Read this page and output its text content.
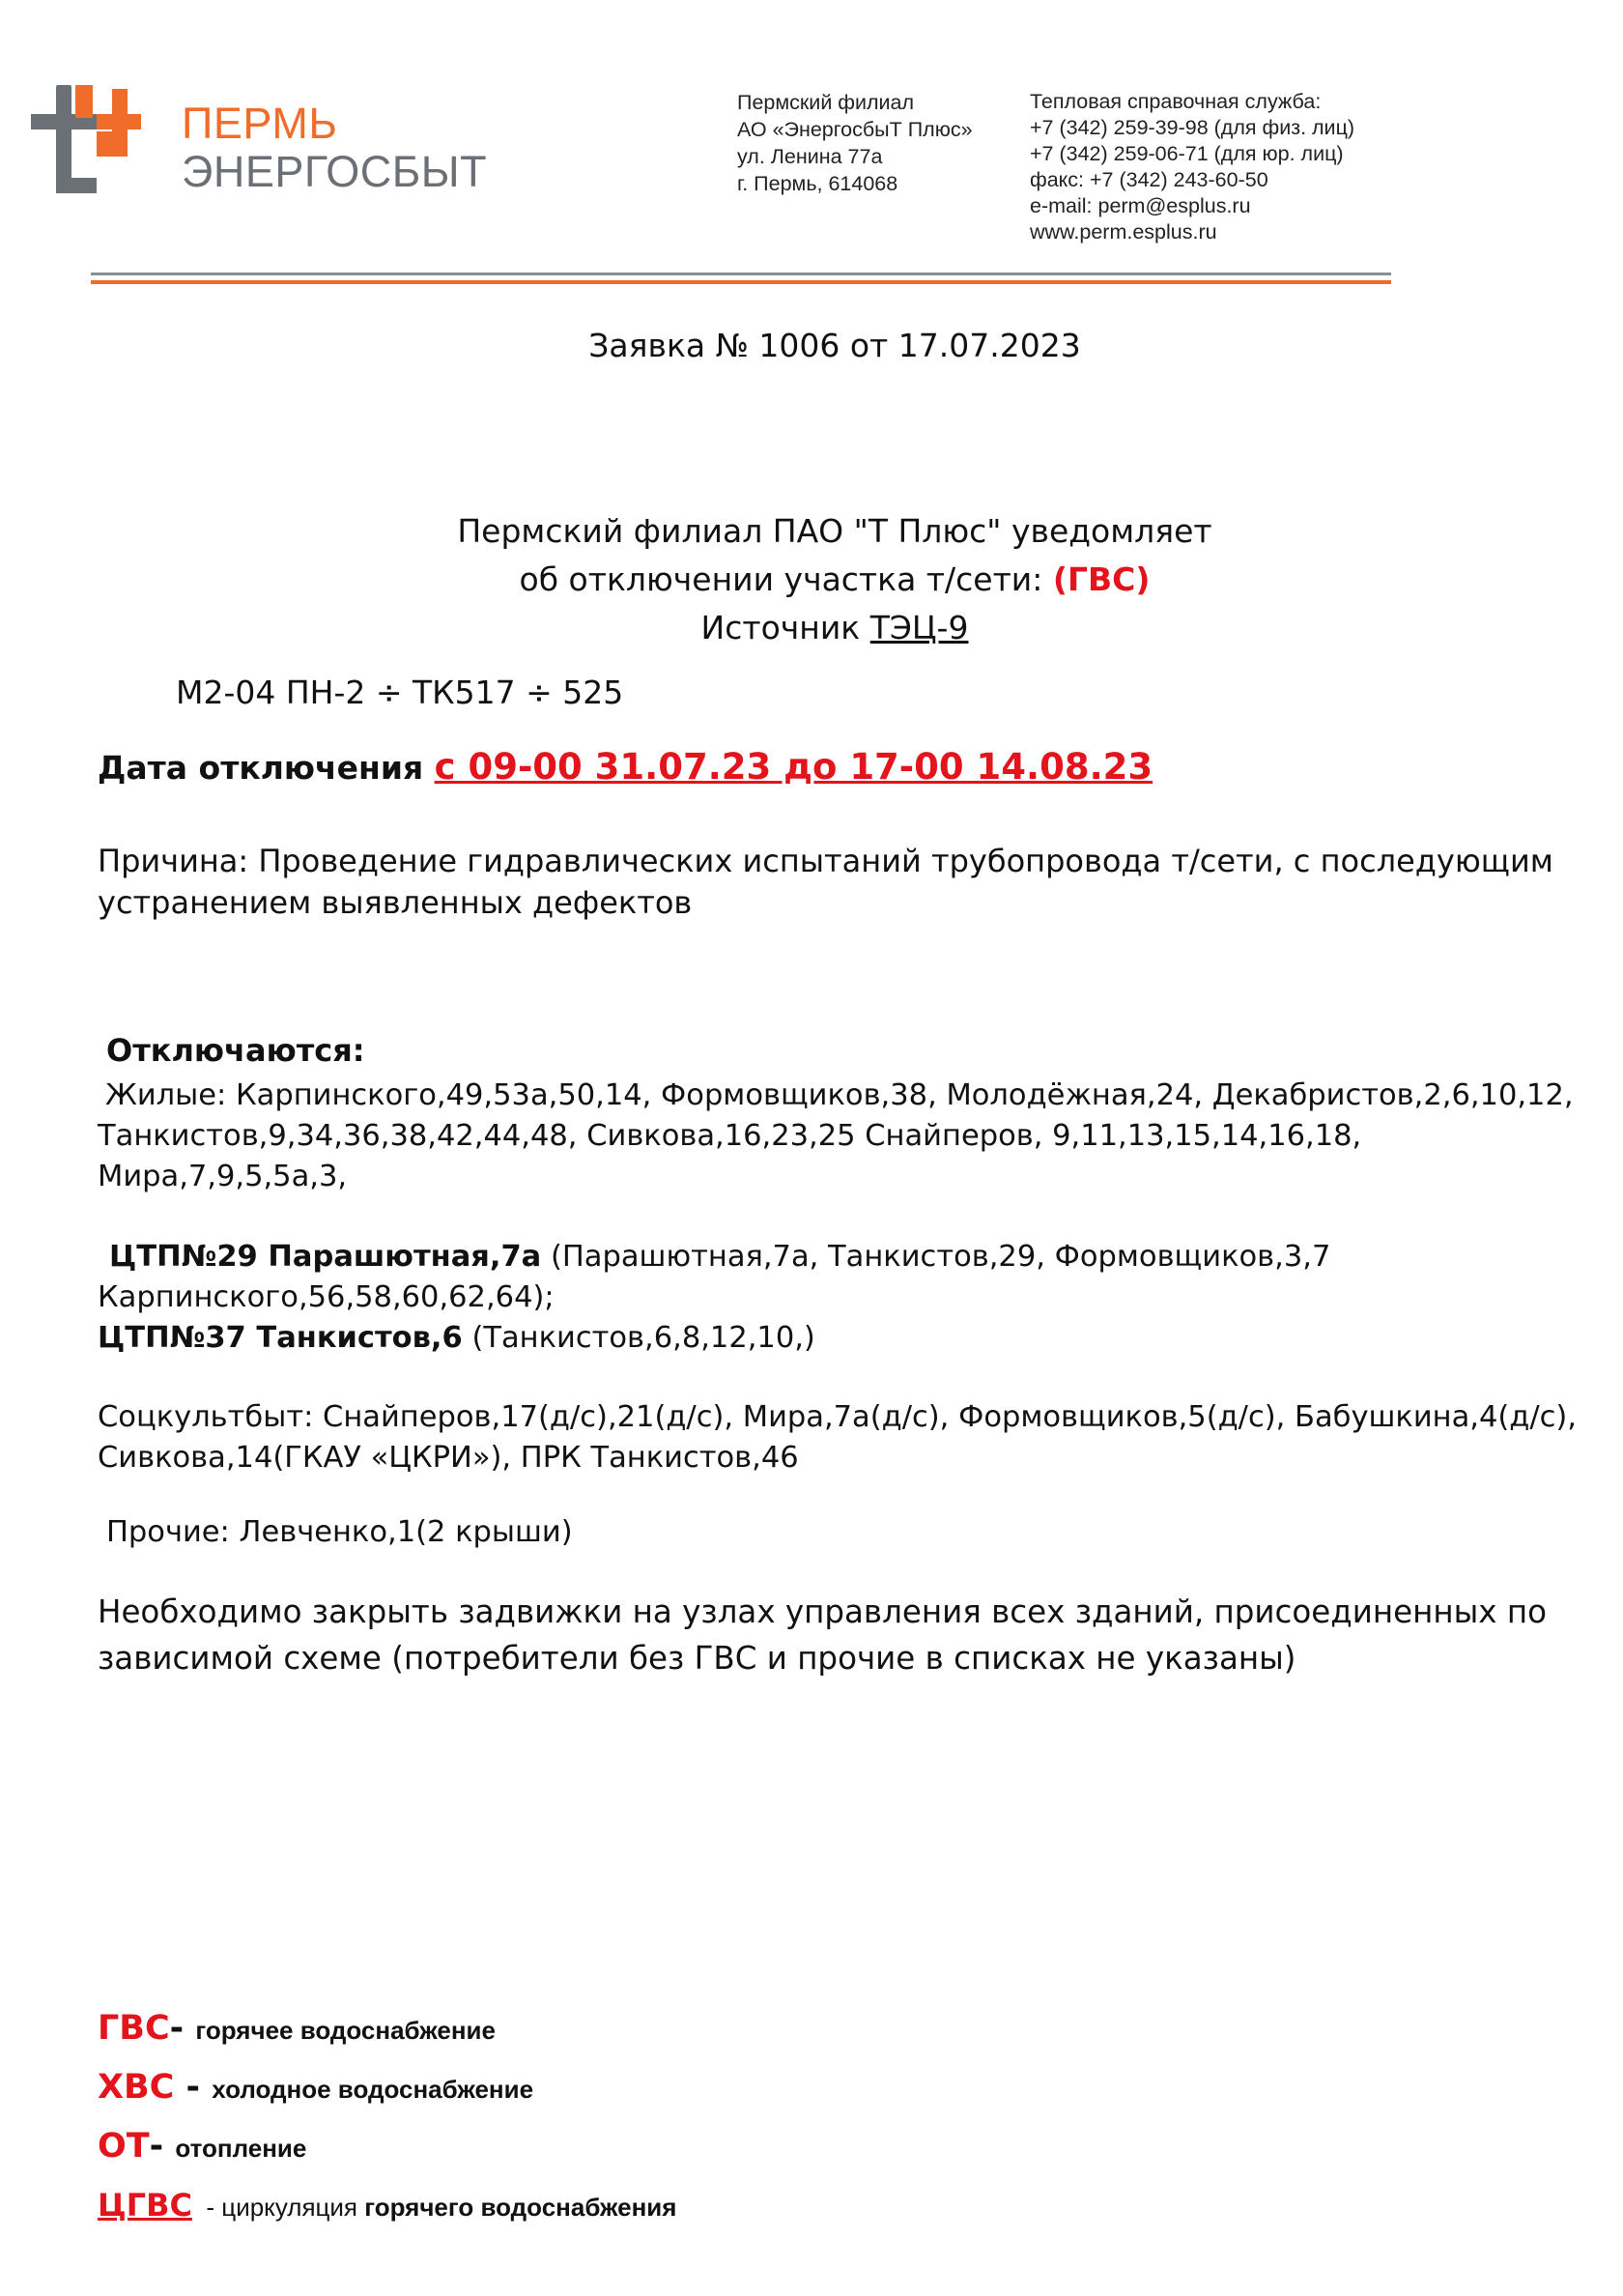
ПЕРМЬ
ЭНЕРГОСБЫТ
Пермский филиал
АО «ЭнергосбыТ Плюс»
ул. Ленина 77а
г. Пермь, 614068
Тепловая справочная служба:
+7 (342) 259-39-98 (для физ. лиц)
+7 (342) 259-06-71 (для юр. лиц)
факс: +7 (342) 243-60-50
e-mail: perm@esplus.ru
www.perm.esplus.ru
Заявка № 1006 от 17.07.2023
Пермский филиал ПАО "Т Плюс" уведомляет
об отключении участка т/сети: (ГВС)
Источник ТЭЦ-9
М2-04 ПН-2 ÷ ТК517 ÷ 525
Дата отключения с 09-00 31.07.23 до 17-00 14.08.23
Причина: Проведение гидравлических испытаний трубопровода т/сети, с последующим
устранением выявленных дефектов
Отключаются:
Жилые: Карпинского,49,53а,50,14, Формовщиков,38, Молодёжная,24, Декабристов,2,6,10,12,
Танкистов,9,34,36,38,42,44,48, Сивкова,16,23,25 Снайперов, 9,11,13,15,14,16,18,
Мира,7,9,5,5а,3,
ЦТП№29 Парашютная,7а (Парашютная,7а, Танкистов,29, Формовщиков,3,7
Карпинского,56,58,60,62,64);
ЦТП№37 Танкистов,6 (Танкистов,6,8,12,10,)
Соцкультбыт: Снайперов,17(д/с),21(д/с), Мира,7а(д/с), Формовщиков,5(д/с), Бабушкина,4(д/с),
Сивкова,14(ГКАУ «ЦКРИ»), ПРК Танкистов,46
Прочие: Левченко,1(2 крыши)
Необходимо закрыть задвижки на узлах управления всех зданий, присоединенных по
зависимой схеме (потребители без ГВС и прочие в списках не указаны)
ГВС- горячее водоснабжение
ХВС - холодное водоснабжение
ОТ- отопление
ЦГВС  - циркуляция горячего водоснабжения
